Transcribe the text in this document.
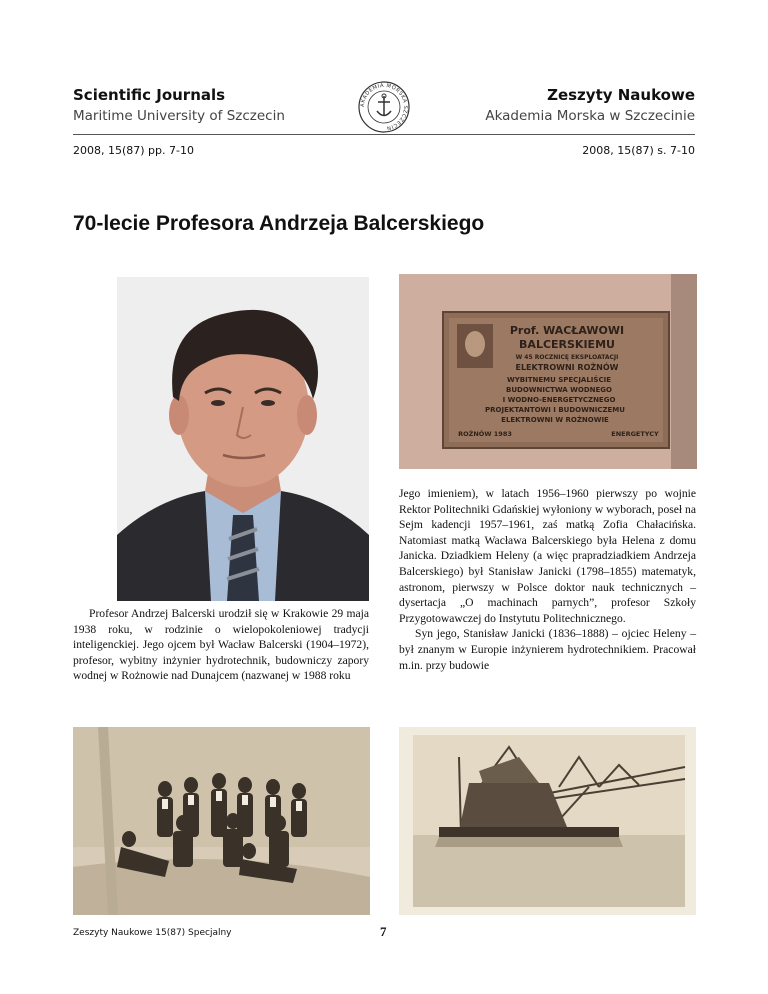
Scientific Journals
Maritime University of Szczecin
Zeszyty Naukowe
Akademia Morska w Szczecinie
AKADEMIA MORSKA SZCZECIN
2008, 15(87) pp. 7-10	2008, 15(87) s. 7-10
70-lecie Profesora Andrzeja Balcerskiego
Prof. WACŁAWOWI
BALCERSKIEMU
W 45 ROCZNICĘ EKSPLOATACJI
ELEKTROWNI ROŻNÓW
WYBITNEMU SPECJALIŚCIE
BUDOWNICTWA WODNEGO
I WODNO-ENERGETYCZNEGO
PROJEKTANTOWI I BUDOWNICZEMU
ELEKTROWNI W ROŻNOWIE
ROŻNÓW 1983	ENERGETYCY

Profesor Andrzej Balcerski urodził się w Krakowie 29 maja 1938 roku, w rodzinie o wielopokoleniowej tradycji inteligenckiej. Jego ojcem był Wacław Balcerski (1904–1972), profesor, wybitny inżynier hydrotechnik, budowniczy zapory wodnej w Rożnowie nad Dunajcem (nazwanej w 1988 roku

Jego imieniem), w latach 1956–1960 pierwszy po wojnie Rektor Politechniki Gdańskiej wyłoniony w wyborach, poseł na Sejm kadencji 1957–1961, zaś matką Zofia Chałacińska. Natomiast matką Wacława Balcerskiego była Helena z domu Janicka. Dziadkiem Heleny (a więc prapradziadkiem Andrzeja Balcerskiego) był Stanisław Janicki (1798–1855) matematyk, astronom, pierwszy w Polsce doktor nauk technicznych – dysertacja „O machinach parnych”, profesor Szkoły Przygotowawczej do Instytutu Politechnicznego.

Syn jego, Stanisław Janicki (1836–1888) – ojciec Heleny – był znanym w Europie inżynierem hydrotechnikiem. Pracował m.in. przy budowie

Zeszyty Naukowe 15(87) Specjalny	7
